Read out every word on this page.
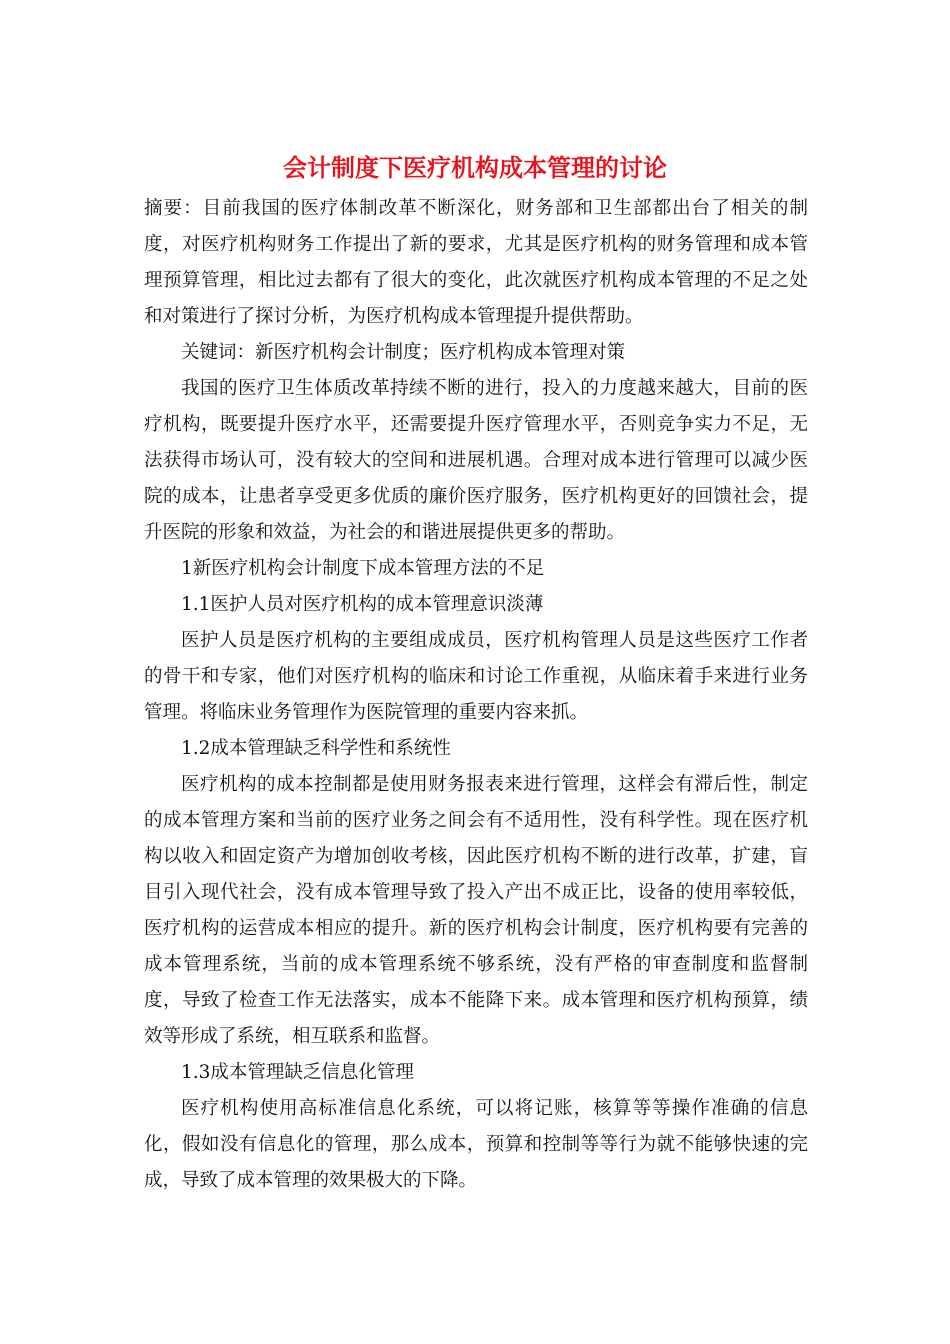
会计制度下医疗机构成本管理的讨论

摘要：目前我国的医疗体制改革不断深化，财务部和卫生部都出台了相关的制度，对医疗机构财务工作提出了新的要求，尤其是医疗机构的财务管理和成本管理预算管理，相比过去都有了很大的变化，此次就医疗机构成本管理的不足之处和对策进行了探讨分析，为医疗机构成本管理提升提供帮助。

关键词：新医疗机构会计制度；医疗机构成本管理对策

我国的医疗卫生体质改革持续不断的进行，投入的力度越来越大，目前的医疗机构，既要提升医疗水平，还需要提升医疗管理水平，否则竞争实力不足，无法获得市场认可，没有较大的空间和进展机遇。合理对成本进行管理可以减少医院的成本，让患者享受更多优质的廉价医疗服务，医疗机构更好的回馈社会，提升医院的形象和效益，为社会的和谐进展提供更多的帮助。

1新医疗机构会计制度下成本管理方法的不足

1.1医护人员对医疗机构的成本管理意识淡薄

医护人员是医疗机构的主要组成成员，医疗机构管理人员是这些医疗工作者的骨干和专家，他们对医疗机构的临床和讨论工作重视，从临床着手来进行业务管理。将临床业务管理作为医院管理的重要内容来抓。

1.2成本管理缺乏科学性和系统性

医疗机构的成本控制都是使用财务报表来进行管理，这样会有滞后性，制定的成本管理方案和当前的医疗业务之间会有不适用性，没有科学性。现在医疗机构以收入和固定资产为增加创收考核，因此医疗机构不断的进行改革，扩建，盲目引入现代社会，没有成本管理导致了投入产出不成正比，设备的使用率较低，医疗机构的运营成本相应的提升。新的医疗机构会计制度，医疗机构要有完善的成本管理系统，当前的成本管理系统不够系统，没有严格的审查制度和监督制度，导致了检查工作无法落实，成本不能降下来。成本管理和医疗机构预算，绩效等形成了系统，相互联系和监督。

1.3成本管理缺乏信息化管理

医疗机构使用高标准信息化系统，可以将记账，核算等等操作准确的信息化，假如没有信息化的管理，那么成本，预算和控制等等行为就不能够快速的完成，导致了成本管理的效果极大的下降。
